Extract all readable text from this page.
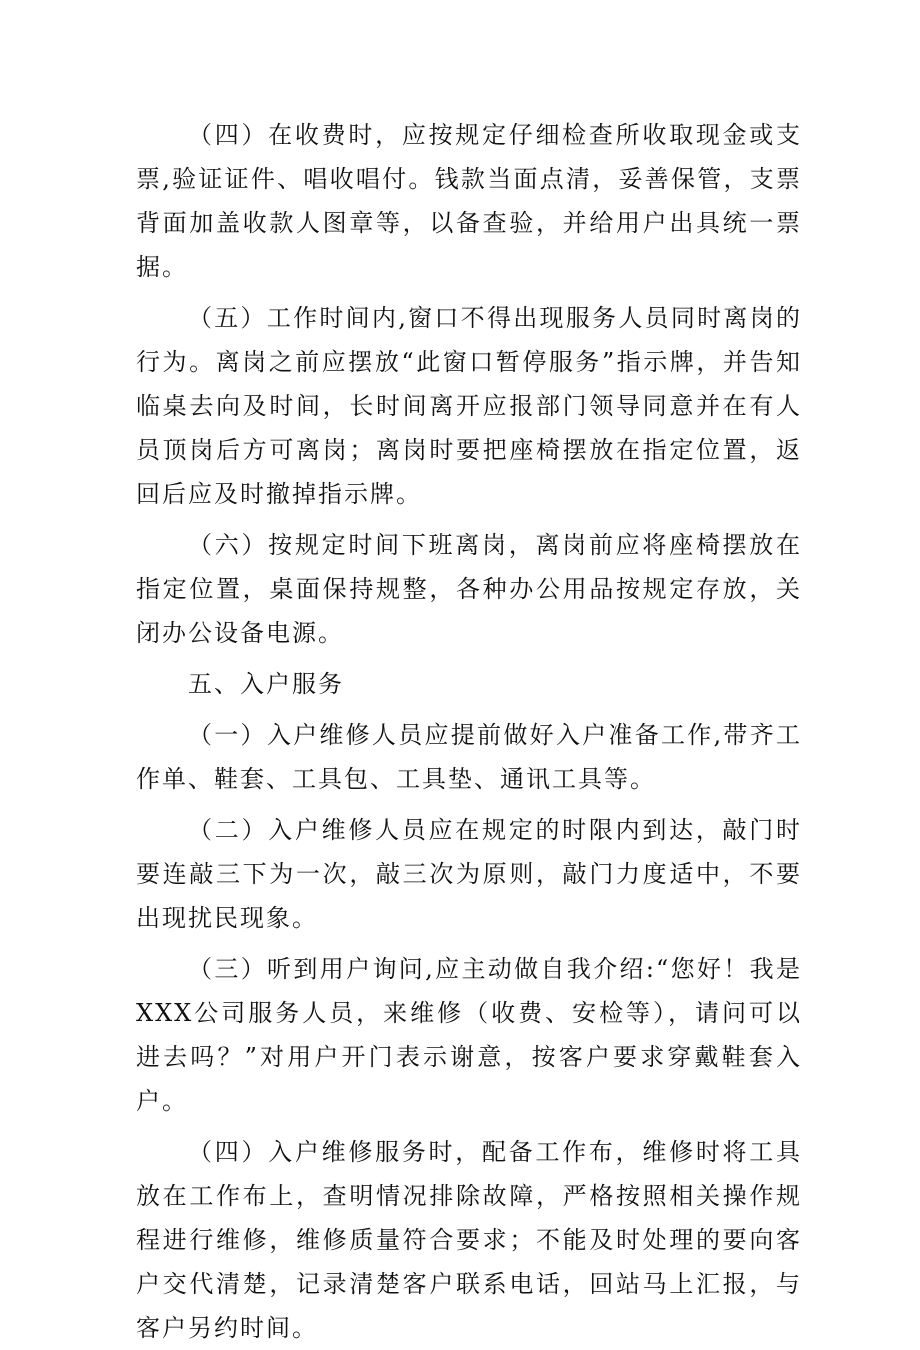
（四）在收费时，应按规定仔细检查所收取现金或支票,验证证件、唱收唱付。钱款当面点清，妥善保管，支票背面加盖收款人图章等，以备查验，并给用户出具统一票据。

（五）工作时间内,窗口不得出现服务人员同时离岗的行为。离岗之前应摆放“此窗口暂停服务”指示牌，并告知临桌去向及时间，长时间离开应报部门领导同意并在有人员顶岗后方可离岗；离岗时要把座椅摆放在指定位置，返回后应及时撤掉指示牌。

（六）按规定时间下班离岗，离岗前应将座椅摆放在指定位置，桌面保持规整，各种办公用品按规定存放，关闭办公设备电源。

五、入户服务

（一）入户维修人员应提前做好入户准备工作,带齐工作单、鞋套、工具包、工具垫、通讯工具等。

（二）入户维修人员应在规定的时限内到达，敲门时要连敲三下为一次，敲三次为原则，敲门力度适中，不要出现扰民现象。

（三）听到用户询问,应主动做自我介绍:“您好！我是XXX公司服务人员，来维修（收费、安检等），请问可以进去吗？”对用户开门表示谢意，按客户要求穿戴鞋套入户。

（四）入户维修服务时，配备工作布，维修时将工具放在工作布上，查明情况排除故障，严格按照相关操作规程进行维修，维修质量符合要求；不能及时处理的要向客户交代清楚，记录清楚客户联系电话，回站马上汇报，与客户另约时间。
